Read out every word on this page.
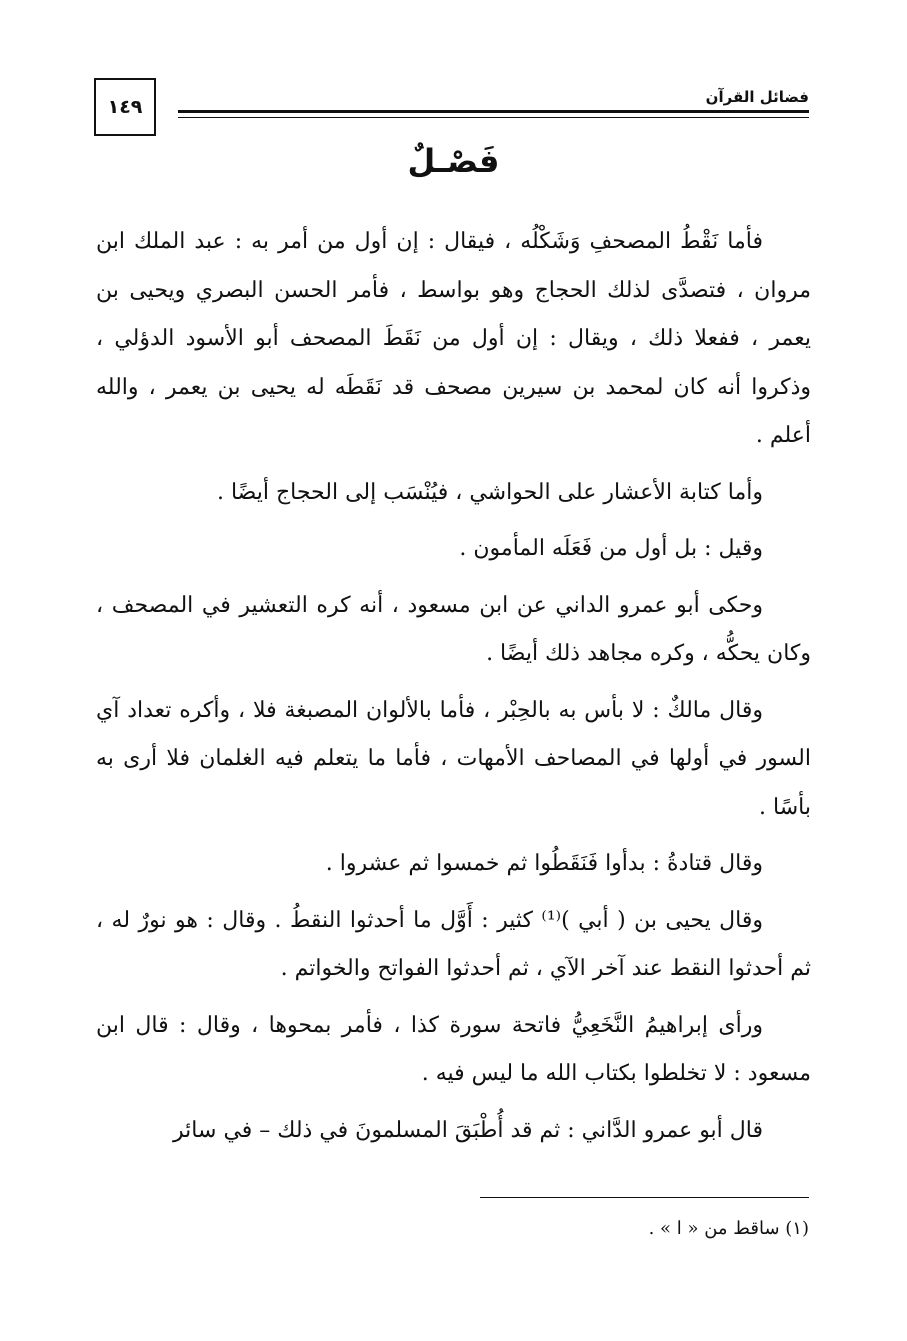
١٤٩	فضائل القرآن
فَصْـلٌ

فأما نَقْطُ المصحفِ وَشَكْلُه ، فيقال : إن أول من أمر به : عبد الملك ابن مروان ، فتصدَّى لذلك الحجاج وهو بواسط ، فأمر الحسن البصري ويحيى بن يعمر ، ففعلا ذلك ، ويقال : إن أول من نَقَطَ المصحف أبو الأسود الدؤلي ، وذكروا أنه كان لمحمد بن سيرين مصحف قد نَقَطَه له يحيى بن يعمر ، والله أعلم .

وأما كتابة الأعشار على الحواشي ، فيُنْسَب إلى الحجاج أيضًا .

وقيل : بل أول من فَعَلَه المأمون .

وحكى أبو عمرو الداني عن ابن مسعود ، أنه كره التعشير في المصحف ، وكان يحكُّه ، وكره مجاهد ذلك أيضًا .

وقال مالكٌ : لا بأس به بالحِبْر ، فأما بالألوان المصبغة فلا ، وأكره تعداد آي السور في أولها في المصاحف الأمهات ، فأما ما يتعلم فيه الغلمان فلا أرى به بأسًا .

وقال قتادةُ : بدأوا فَنَقَطُوا ثم خمسوا ثم عشروا .

وقال يحيى بن ( أبي )⁽¹⁾ كثير : أَوَّل ما أحدثوا النقطُ . وقال : هو نورٌ له ، ثم أحدثوا النقط عند آخر الآي ، ثم أحدثوا الفواتح والخواتم .

ورأى إبراهيمُ النَّخَعِيُّ فاتحة سورة كذا ، فأمر بمحوها ، وقال : قال ابن مسعود : لا تخلطوا بكتاب الله ما ليس فيه .

قال أبو عمرو الدَّاني : ثم قد أُطْبَقَ المسلمونَ في ذلك – في سائر

(١) ساقط من « ا » .
